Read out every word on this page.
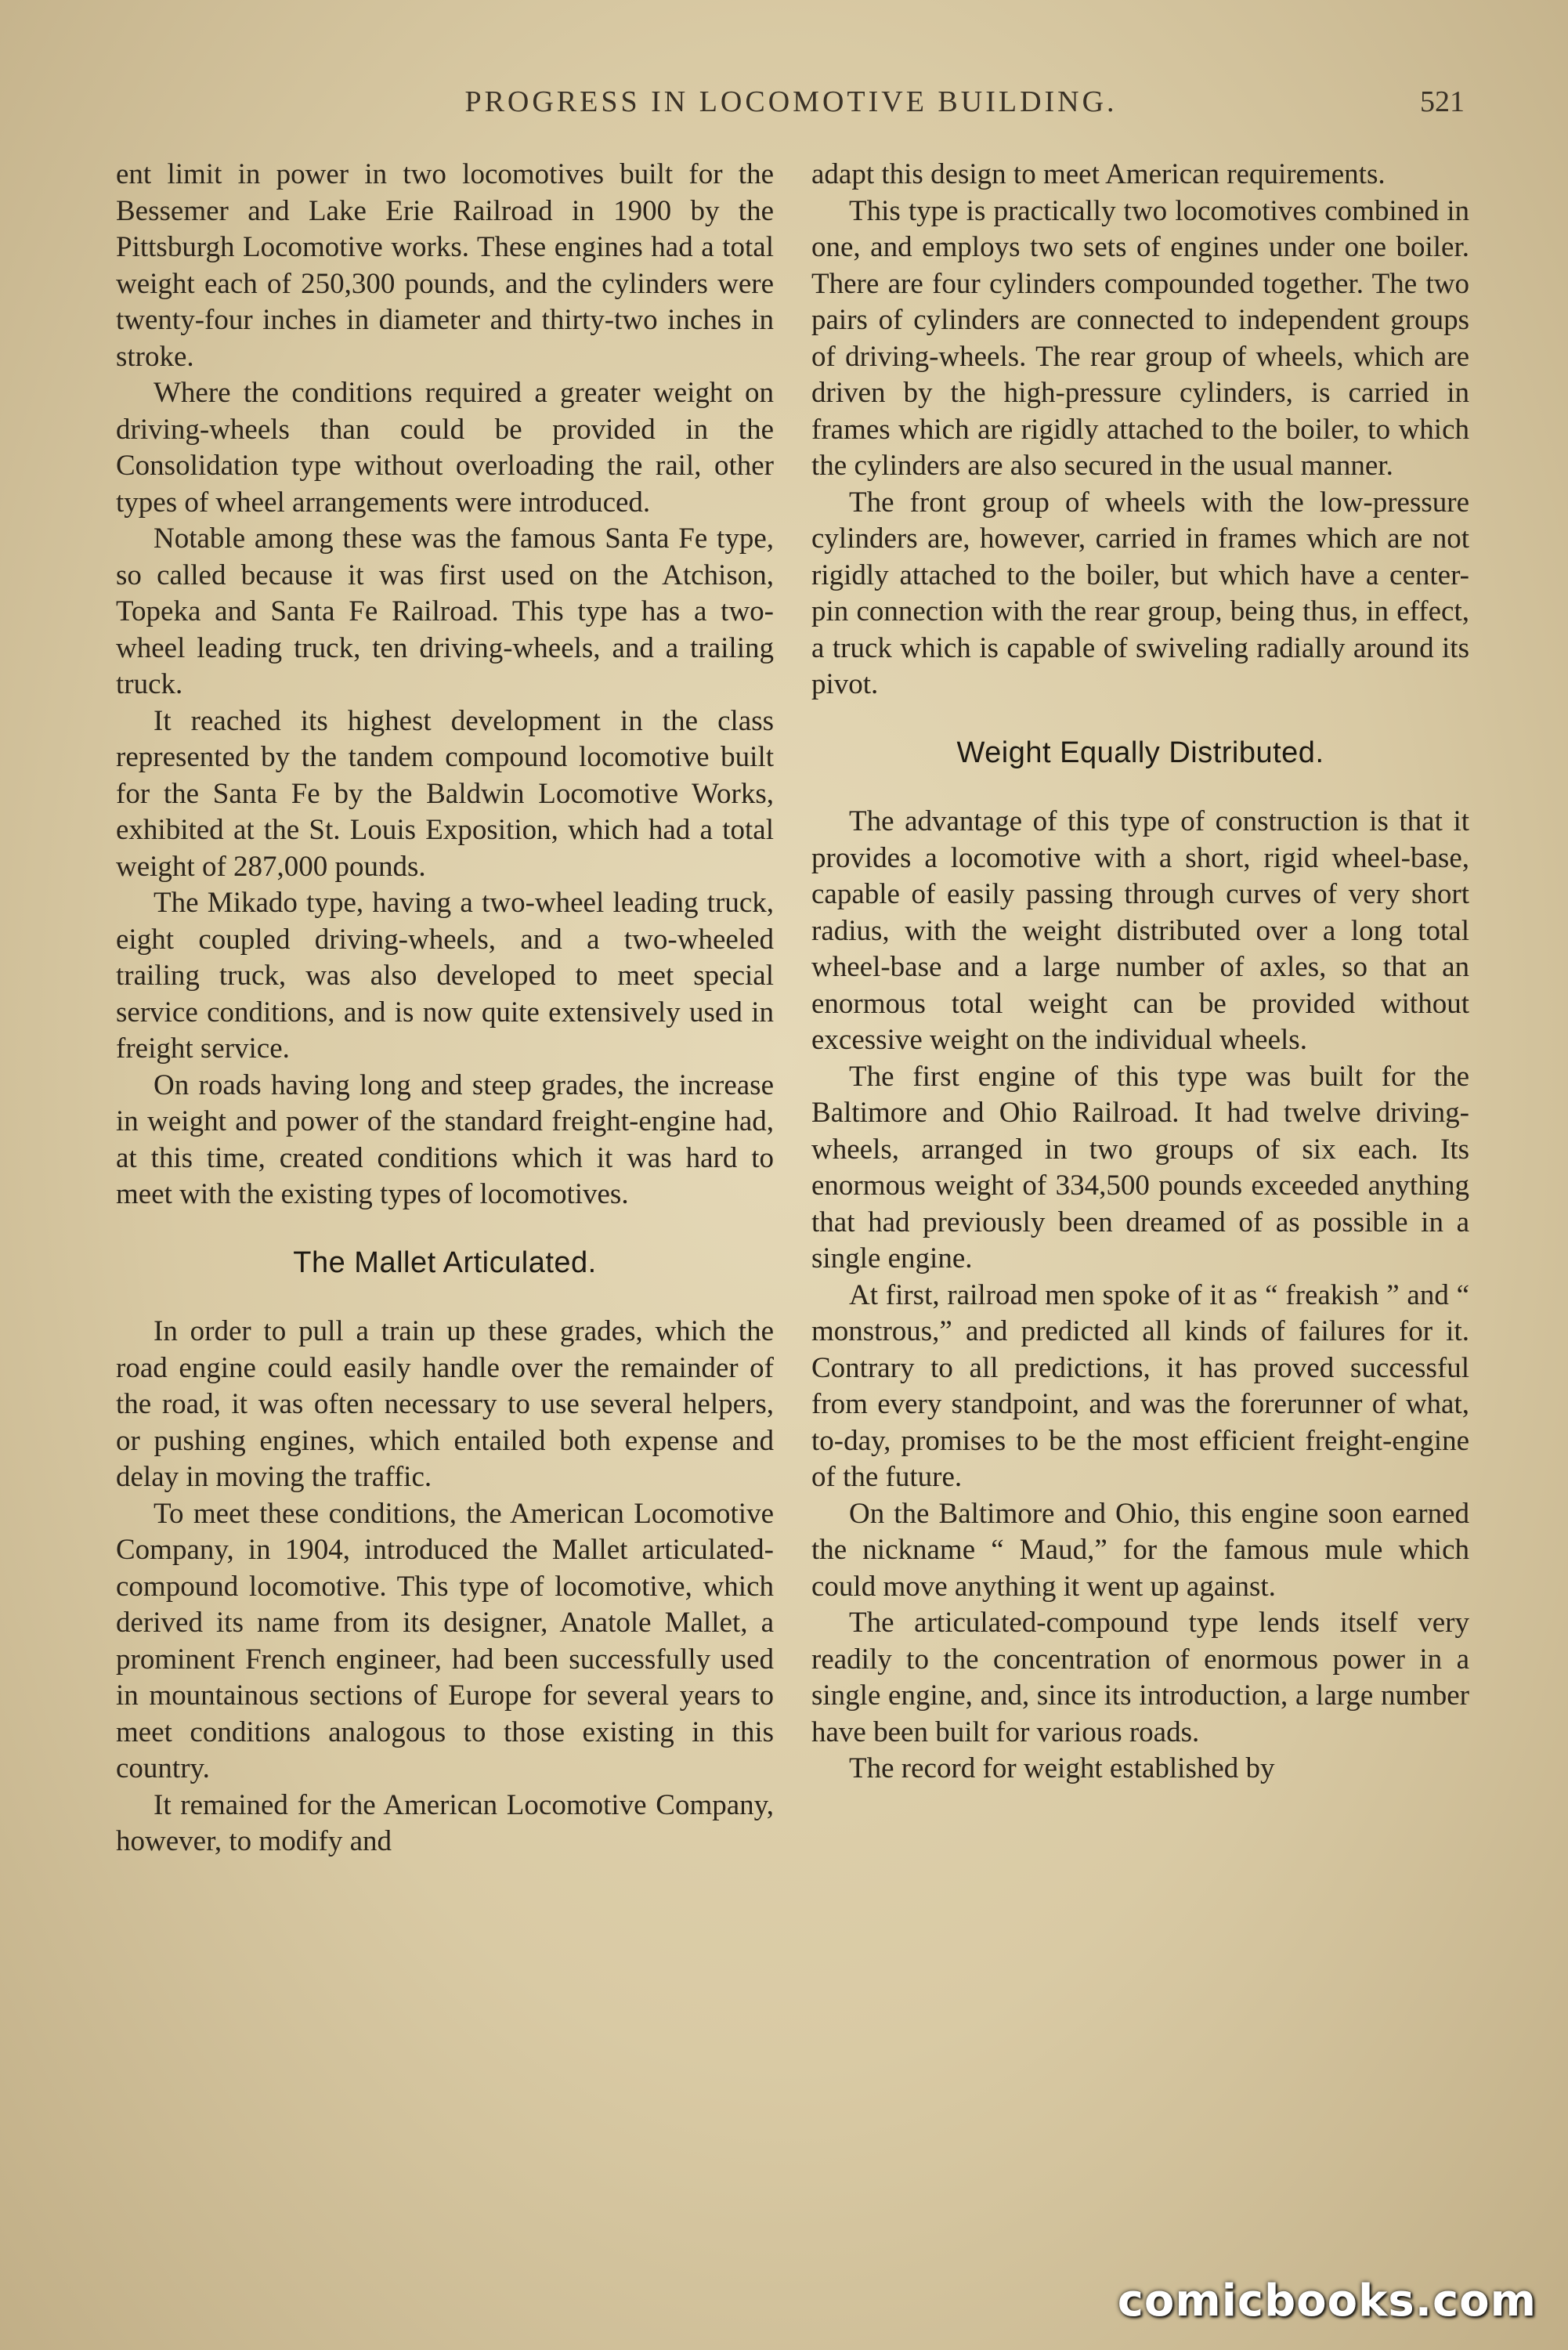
PROGRESS IN LOCOMOTIVE BUILDING.	521

ent limit in power in two locomotives built for the Bessemer and Lake Erie Railroad in 1900 by the Pittsburgh Locomotive works. These engines had a total weight each of 250,300 pounds, and the cylinders were twenty-four inches in diameter and thirty-two inches in stroke.

Where the conditions required a greater weight on driving-wheels than could be provided in the Consolidation type without overloading the rail, other types of wheel arrangements were introduced.

Notable among these was the famous Santa Fe type, so called because it was first used on the Atchison, Topeka and Santa Fe Railroad. This type has a two-wheel leading truck, ten driving-wheels, and a trailing truck.

It reached its highest development in the class represented by the tandem compound locomotive built for the Santa Fe by the Baldwin Locomotive Works, exhibited at the St. Louis Exposition, which had a total weight of 287,000 pounds.

The Mikado type, having a two-wheel leading truck, eight coupled driving-wheels, and a two-wheeled trailing truck, was also developed to meet special service conditions, and is now quite extensively used in freight service.

On roads having long and steep grades, the increase in weight and power of the standard freight-engine had, at this time, created conditions which it was hard to meet with the existing types of locomotives.

The Mallet Articulated.

In order to pull a train up these grades, which the road engine could easily handle over the remainder of the road, it was often necessary to use several helpers, or pushing engines, which entailed both expense and delay in moving the traffic.

To meet these conditions, the American Locomotive Company, in 1904, introduced the Mallet articulated-compound locomotive. This type of locomotive, which derived its name from its designer, Anatole Mallet, a prominent French engineer, had been successfully used in mountainous sections of Europe for several years to meet conditions analogous to those existing in this country.

It remained for the American Locomotive Company, however, to modify and

adapt this design to meet American requirements.

This type is practically two locomotives combined in one, and employs two sets of engines under one boiler. There are four cylinders compounded together. The two pairs of cylinders are connected to independent groups of driving-wheels. The rear group of wheels, which are driven by the high-pressure cylinders, is carried in frames which are rigidly attached to the boiler, to which the cylinders are also secured in the usual manner.

The front group of wheels with the low-pressure cylinders are, however, carried in frames which are not rigidly attached to the boiler, but which have a center-pin connection with the rear group, being thus, in effect, a truck which is capable of swiveling radially around its pivot.

Weight Equally Distributed.

The advantage of this type of construction is that it provides a locomotive with a short, rigid wheel-base, capable of easily passing through curves of very short radius, with the weight distributed over a long total wheel-base and a large number of axles, so that an enormous total weight can be provided without excessive weight on the individual wheels.

The first engine of this type was built for the Baltimore and Ohio Railroad. It had twelve driving-wheels, arranged in two groups of six each. Its enormous weight of 334,500 pounds exceeded anything that had previously been dreamed of as possible in a single engine.

At first, railroad men spoke of it as “ freakish ” and “ monstrous,” and predicted all kinds of failures for it. Contrary to all predictions, it has proved successful from every standpoint, and was the forerunner of what, to-day, promises to be the most efficient freight-engine of the future.

On the Baltimore and Ohio, this engine soon earned the nickname “ Maud,” for the famous mule which could move anything it went up against.

The articulated-compound type lends itself very readily to the concentration of enormous power in a single engine, and, since its introduction, a large number have been built for various roads.

The record for weight established by

comicbooks.com
